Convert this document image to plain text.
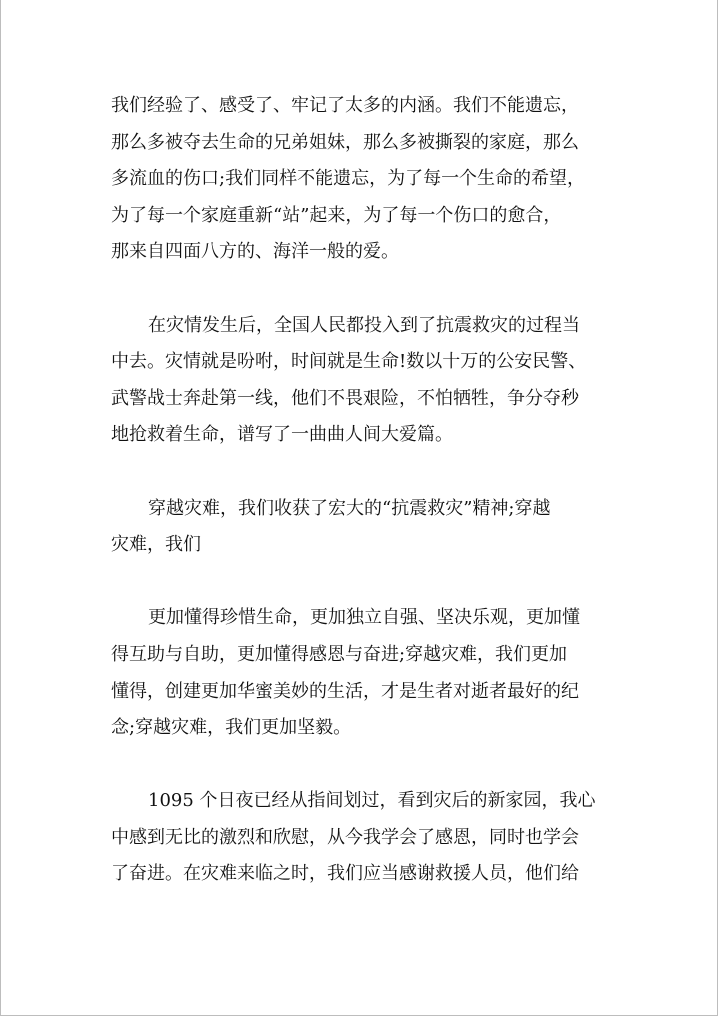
我们经验了、感受了、牢记了太多的内涵。我们不能遗忘，
那么多被夺去生命的兄弟姐妹，那么多被撕裂的家庭，那么
多流血的伤口;我们同样不能遗忘，为了每一个生命的希望，
为了每一个家庭重新“站”起来，为了每一个伤口的愈合，
那来自四面八方的、海洋一般的爱。

在灾情发生后，全国人民都投入到了抗震救灾的过程当
中去。灾情就是吩咐，时间就是生命!数以十万的公安民警、
武警战士奔赴第一线，他们不畏艰险，不怕牺牲，争分夺秒
地抢救着生命，谱写了一曲曲人间大爱篇。

穿越灾难，我们收获了宏大的“抗震救灾”精神;穿越
灾难，我们

更加懂得珍惜生命，更加独立自强、坚决乐观，更加懂
得互助与自助，更加懂得感恩与奋进;穿越灾难，我们更加
懂得，创建更加华蜜美妙的生活，才是生者对逝者最好的纪
念;穿越灾难，我们更加坚毅。

1095 个日夜已经从指间划过，看到灾后的新家园，我心
中感到无比的激烈和欣慰，从今我学会了感恩，同时也学会
了奋进。在灾难来临之时，我们应当感谢救援人员，他们给
